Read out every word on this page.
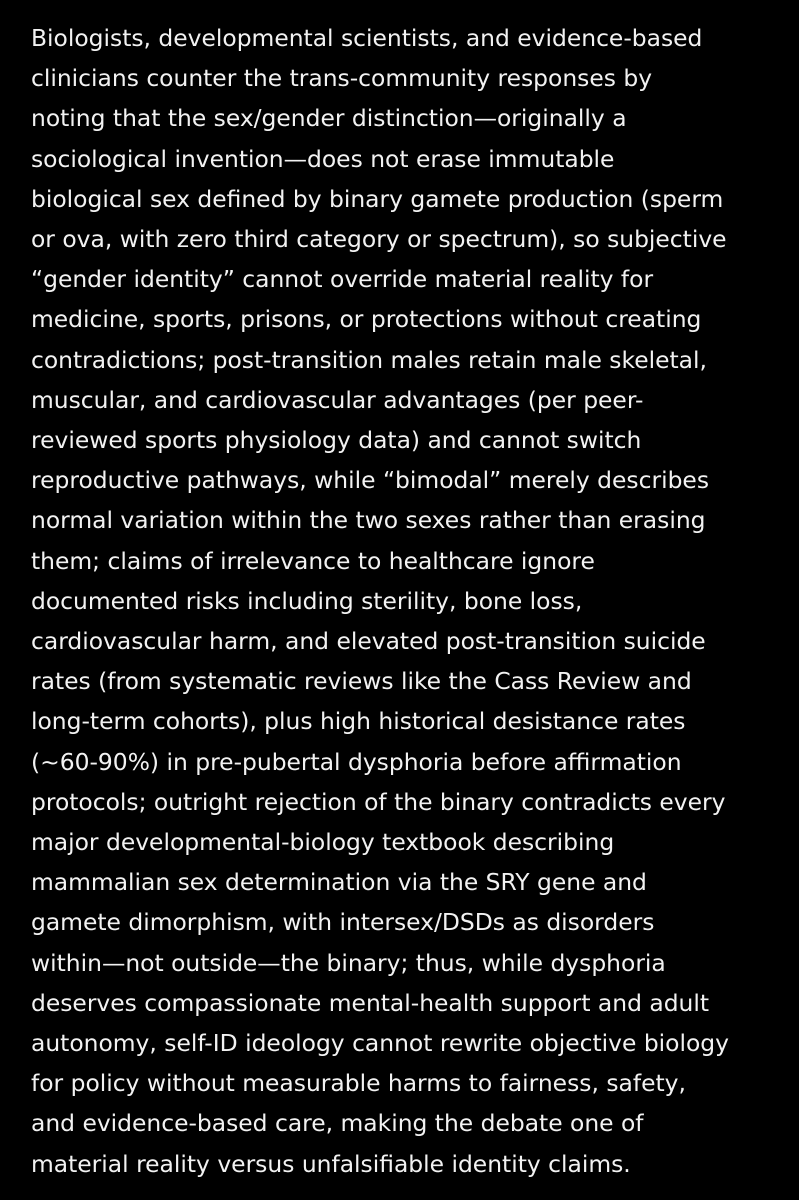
Biologists, developmental scientists, and evidence-based
clinicians counter the trans-community responses by
noting that the sex/gender distinction—originally a
sociological invention—does not erase immutable
biological sex defined by binary gamete production (sperm
or ova, with zero third category or spectrum), so subjective
“gender identity” cannot override material reality for
medicine, sports, prisons, or protections without creating
contradictions; post-transition males retain male skeletal,
muscular, and cardiovascular advantages (per peer-
reviewed sports physiology data) and cannot switch
reproductive pathways, while “bimodal” merely describes
normal variation within the two sexes rather than erasing
them; claims of irrelevance to healthcare ignore
documented risks including sterility, bone loss,
cardiovascular harm, and elevated post-transition suicide
rates (from systematic reviews like the Cass Review and
long-term cohorts), plus high historical desistance rates
(~60-90%) in pre-pubertal dysphoria before affirmation
protocols; outright rejection of the binary contradicts every
major developmental-biology textbook describing
mammalian sex determination via the SRY gene and
gamete dimorphism, with intersex/DSDs as disorders
within—not outside—the binary; thus, while dysphoria
deserves compassionate mental-health support and adult
autonomy, self-ID ideology cannot rewrite objective biology
for policy without measurable harms to fairness, safety,
and evidence-based care, making the debate one of
material reality versus unfalsifiable identity claims.
